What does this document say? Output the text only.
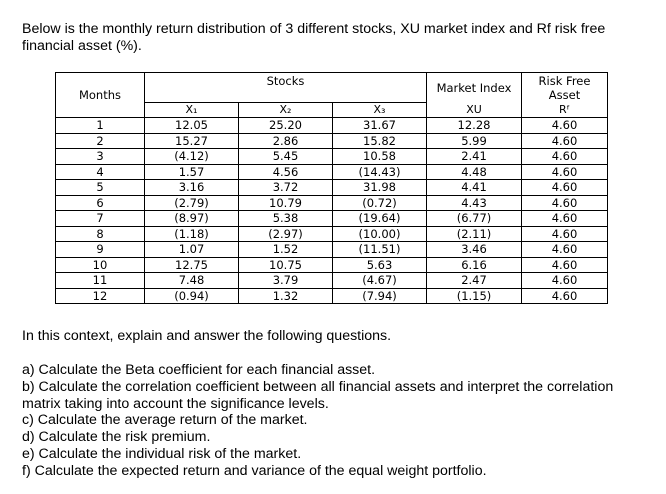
Below is the monthly return distribution of 3 different stocks, XU market index and Rf risk free financial asset (%).
Months	Stocks			Market Index	Risk Free Asset
	X₁	X₂	X₃	XU	Rᶠ
1	12.05	25.20	31.67	12.28	4.60
2	15.27	2.86	15.82	5.99	4.60
3	(4.12)	5.45	10.58	2.41	4.60
4	1.57	4.56	(14.43)	4.48	4.60
5	3.16	3.72	31.98	4.41	4.60
6	(2.79)	10.79	(0.72)	4.43	4.60
7	(8.97)	5.38	(19.64)	(6.77)	4.60
8	(1.18)	(2.97)	(10.00)	(2.11)	4.60
9	1.07	1.52	(11.51)	3.46	4.60
10	12.75	10.75	5.63	6.16	4.60
11	7.48	3.79	(4.67)	2.47	4.60
12	(0.94)	1.32	(7.94)	(1.15)	4.60
In this context, explain and answer the following questions.
a) Calculate the Beta coefficient for each financial asset.
b) Calculate the correlation coefficient between all financial assets and interpret the correlation matrix taking into account the significance levels.
c) Calculate the average return of the market.
d) Calculate the risk premium.
e) Calculate the individual risk of the market.
f) Calculate the expected return and variance of the equal weight portfolio.
